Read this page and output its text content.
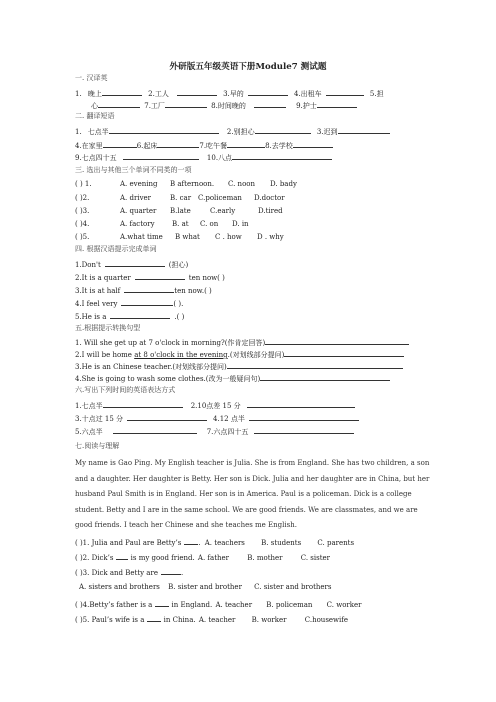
外研版五年级英语下册Module7 测试题
一. 汉译英
1. 晚上	2.工人	3.早的	4.出租车	5.担
心	7.工厂	8.时间晚的	9.护士
二. 翻译短语
1. 七点半	2.别担心	3.迟到
4.在家里	6.起床	7.吃午餐	8.去学校
9.七点四十五	10.八点
三. 选出与其他三个单词不同类的一项
( ) 1.	A. evening B afternoon. C. noon D. bady
( )2.	A. driver	B. car C.policeman D.doctor
( )3.	A. quarter B.late	C.early	D.tired
( )4.	A. factory B. at C. on D. in
( )5.	A.what time B what C . how D . why
四. 根据汉语提示完成单词
1.Don't	(担心)
2.It is a quarter	ten now( )
3.It is at half	ten now.( )
4.I feel very	( ).
5.He is a	.( )
五.根据提示转换句型
1. Will she get up at 7 o'clock in morning?(作肯定回答)
2.I will be home at 8 o'clock in the evening.(对划线部分提问)
3.He is an Chinese teacher.(对划线部分提问)
4.She is going to wash some clothes.(改为一般疑问句)
六.写出下列时间的英语表达方式
1.七点半	2.10点差 15 分
3.十点过 15 分	4.12 点半
5.六点半	7.六点四十五
七.阅读与理解
My name is Gao Ping. My English teacher is Julia. She is from England. She has two children, a son and a daughter. Her daughter is Betty. Her son is Dick. Julia and her daughter are in China, but her husband Paul Smith is in England. Her son is in America. Paul is a policeman. Dick is a college student. Betty and I are in the same school. We are good friends. We are classmates, and we are good friends. I teach her Chinese and she teaches me English.
( )1. Julia and Paul are Betty’s . A. teachers B. students C. parents
( )2. Dick’s is my good friend. A. father	B. mother	C. sister
( )3. Dick and Betty are	.
A. sisters and brothers B. sister and brother C. sister and brothers
( )4.Betty’s father is a	in England. A. teacher B. policeman C. worker
( )5. Paul’s wife is a	in China. A. teacher B. worker	C.housewife
